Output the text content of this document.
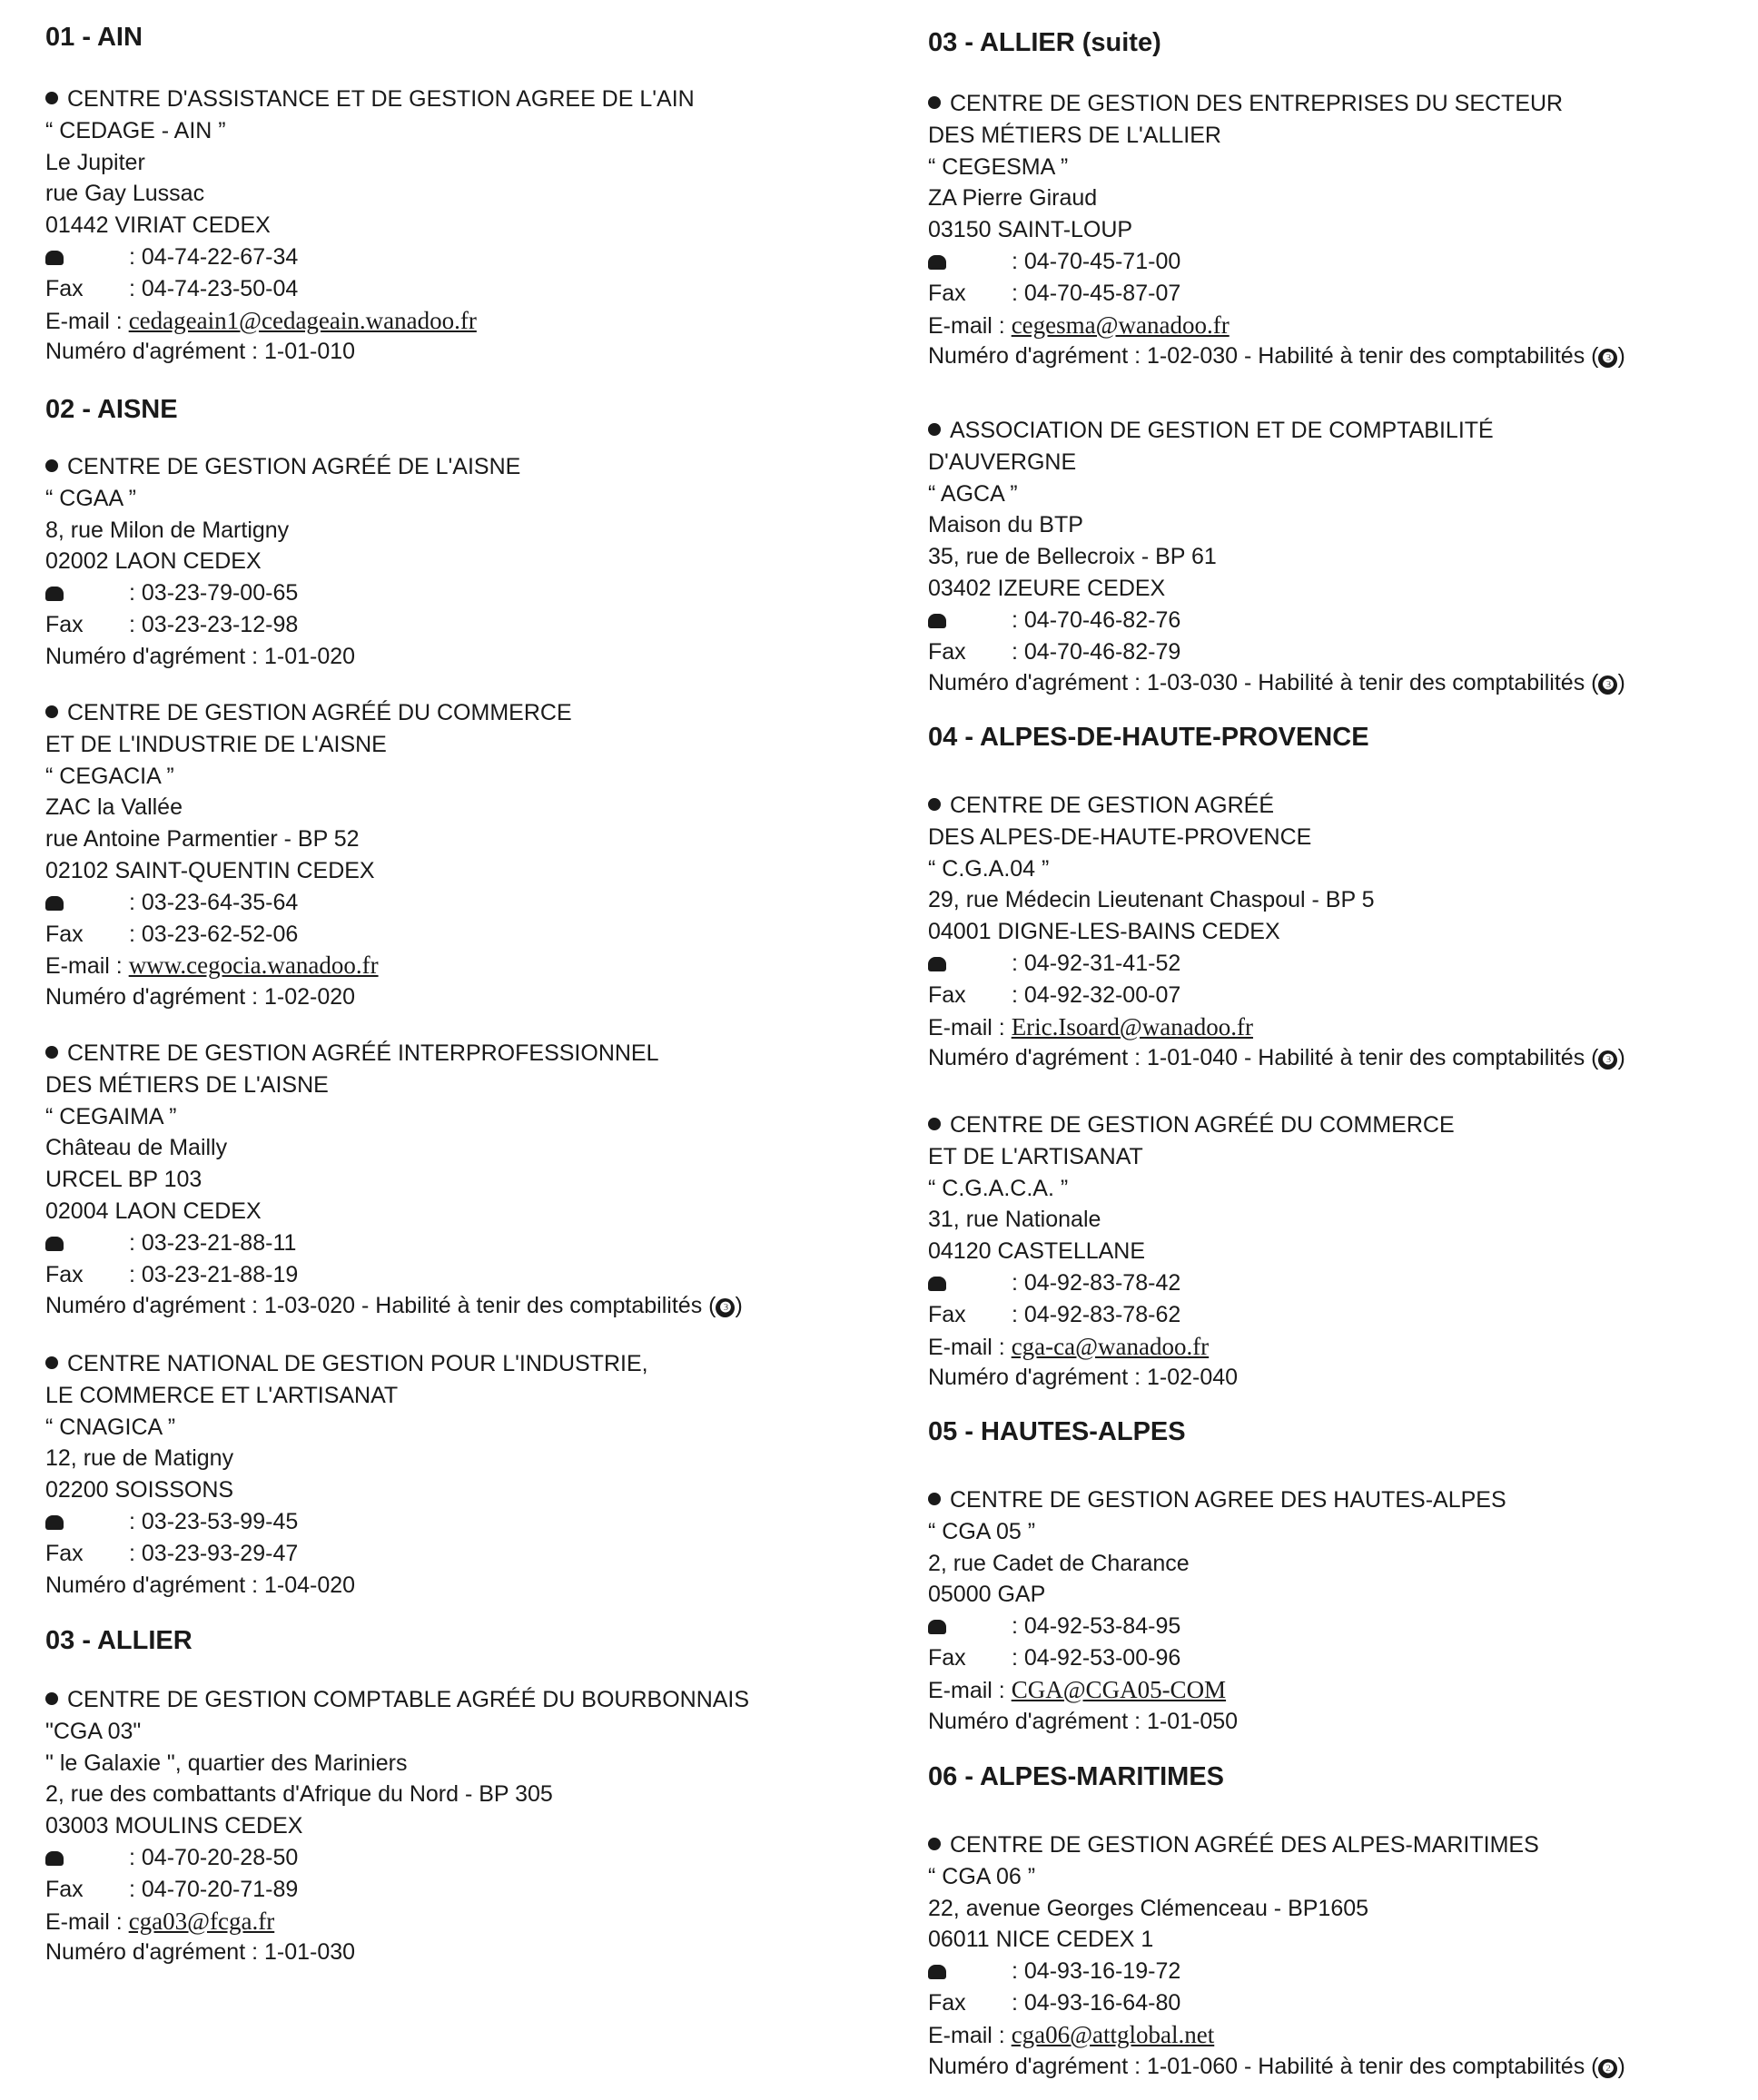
01 - AIN
CENTRE D'ASSISTANCE ET DE GESTION AGREE DE L'AIN
“ CEDAGE - AIN ”
Le Jupiter
rue Gay Lussac
01442 VIRIAT CEDEX
: 04-74-22-67-34
Fax : 04-74-23-50-04
E-mail : cedageain1@cedageain.wanadoo.fr
Numéro d'agrément : 1-01-010
02 - AISNE
CENTRE DE GESTION AGRÉÉ DE L'AISNE
“ CGAA ”
8, rue Milon de Martigny
02002 LAON CEDEX
: 03-23-79-00-65
Fax : 03-23-23-12-98
Numéro d'agrément : 1-01-020
CENTRE DE GESTION AGRÉÉ DU COMMERCE
ET DE L'INDUSTRIE DE L'AISNE
“ CEGACIA ”
ZAC la Vallée
rue Antoine Parmentier - BP 52
02102 SAINT-QUENTIN CEDEX
: 03-23-64-35-64
Fax : 03-23-62-52-06
E-mail : www.cegocia.wanadoo.fr
Numéro d'agrément : 1-02-020
CENTRE DE GESTION AGRÉÉ INTERPROFESSIONNEL
DES MÉTIERS DE L'AISNE
“ CEGAIMA ”
Château de Mailly
URCEL BP 103
02004 LAON CEDEX
: 03-23-21-88-11
Fax : 03-23-21-88-19
Numéro d'agrément : 1-03-020 - Habilité à tenir des comptabilités ( ❸ )
CENTRE NATIONAL DE GESTION POUR L'INDUSTRIE,
LE COMMERCE ET L'ARTISANAT
“ CNAGICA ”
12, rue de Matigny
02200 SOISSONS
: 03-23-53-99-45
Fax : 03-23-93-29-47
Numéro d'agrément : 1-04-020
03 - ALLIER
CENTRE DE GESTION COMPTABLE AGRÉÉ DU BOURBONNAIS
"CGA 03"
" le Galaxie ", quartier des Mariniers
2, rue des combattants d'Afrique du Nord - BP 305
03003 MOULINS CEDEX
: 04-70-20-28-50
Fax : 04-70-20-71-89
E-mail : cga03@fcga.fr
Numéro d'agrément : 1-01-030
03 - ALLIER (suite)
CENTRE DE GESTION DES ENTREPRISES DU SECTEUR
DES MÉTIERS DE L'ALLIER
“ CEGESMA ”
ZA Pierre Giraud
03150 SAINT-LOUP
: 04-70-45-71-00
Fax : 04-70-45-87-07
E-mail : cegesma@wanadoo.fr
Numéro d'agrément : 1-02-030 - Habilité à tenir des comptabilités ( ❸ )
ASSOCIATION DE GESTION ET DE COMPTABILITÉ
D'AUVERGNE
“ AGCA ”
Maison du BTP
35, rue de Bellecroix - BP 61
03402 IZEURE CEDEX
: 04-70-46-82-76
Fax : 04-70-46-82-79
Numéro d'agrément : 1-03-030 - Habilité à tenir des comptabilités ( ❸ )
04 - ALPES-DE-HAUTE-PROVENCE
CENTRE DE GESTION AGRÉÉ
DES ALPES-DE-HAUTE-PROVENCE
“ C.G.A.04 ”
29, rue Médecin Lieutenant Chaspoul - BP 5
04001 DIGNE-LES-BAINS CEDEX
: 04-92-31-41-52
Fax : 04-92-32-00-07
E-mail : Eric.Isoard@wanadoo.fr
Numéro d'agrément : 1-01-040 - Habilité à tenir des comptabilités ( ❸ )
CENTRE DE GESTION AGRÉÉ DU COMMERCE
ET DE L'ARTISANAT
“ C.G.A.C.A. ”
31, rue Nationale
04120 CASTELLANE
: 04-92-83-78-42
Fax : 04-92-83-78-62
E-mail : cga-ca@wanadoo.fr
Numéro d'agrément : 1-02-040
05 - HAUTES-ALPES
CENTRE DE GESTION AGREE DES HAUTES-ALPES
“ CGA 05 ”
2, rue Cadet de Charance
05000 GAP
: 04-92-53-84-95
Fax : 04-92-53-00-96
E-mail : CGA@CGA05-COM
Numéro d'agrément : 1-01-050
06 - ALPES-MARITIMES
CENTRE DE GESTION AGRÉÉ DES ALPES-MARITIMES
“ CGA 06 ”
22, avenue Georges Clémenceau - BP1605
06011 NICE CEDEX 1
: 04-93-16-19-72
Fax : 04-93-16-64-80
E-mail : cga06@attglobal.net
Numéro d'agrément : 1-01-060 - Habilité à tenir des comptabilités ( ❷ )
